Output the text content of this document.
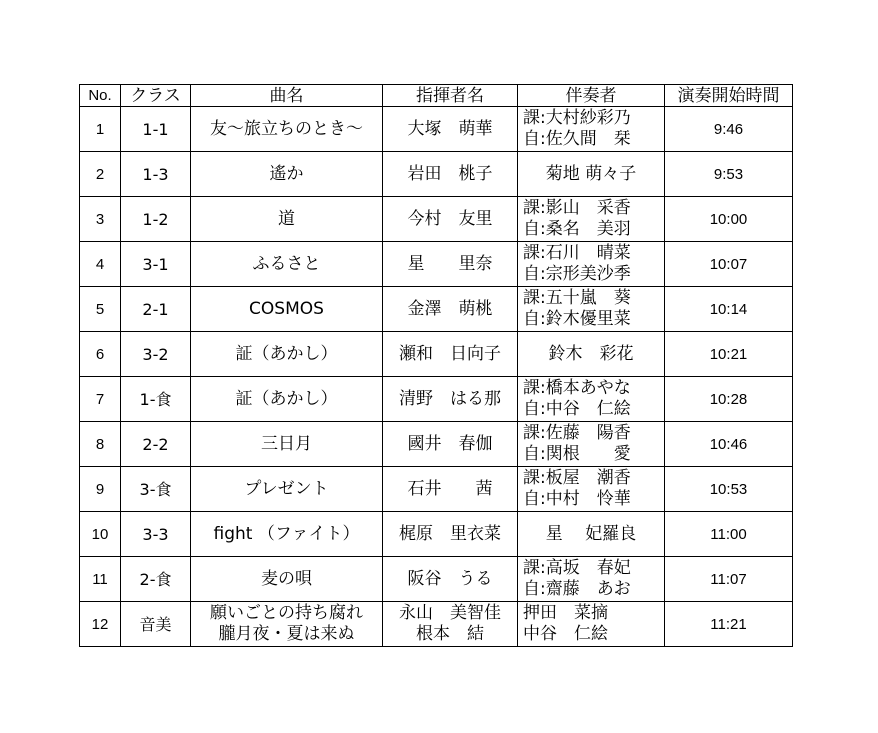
No.	クラス	曲名	指揮者名	伴奏者	演奏開始時間
1	1-1	友～旅立ちのとき～	大塚　萌華	課:大村紗彩乃
自:佐久間　栞	9:46
2	1-3	遙か	岩田　桃子	菊地 萌々子	9:53
3	1-2	道	今村　友里	課:影山　采香
自:桑名　美羽	10:00
4	3-1	ふるさと	星　　里奈	課:石川　晴菜
自:宗形美沙季	10:07
5	2-1	COSMOS	金澤　萌桃	課:五十嵐　葵
自:鈴木優里菜	10:14
6	3-2	証（あかし）	瀬和　日向子	鈴木　彩花	10:21
7	1-食	証（あかし）	清野　はる那	課:橋本あやな
自:中谷　仁絵	10:28
8	2-2	三日月	國井　春伽	課:佐藤　陽香
自:関根　　愛	10:46
9	3-食	プレゼント	石井　　茜	課:板屋　潮香
自:中村　怜華	10:53
10	3-3	fight （ファイト）	梶原　里衣菜	星　 妃羅良	11:00
11	2-食	麦の唄	阪谷　うる	課:高坂　春妃
自:齋藤　あお	11:07
12	音美	願いごとの持ち腐れ
朧月夜・夏は来ぬ	永山　美智佳
根本　結	押田　菜摘
中谷　仁絵	11:21
